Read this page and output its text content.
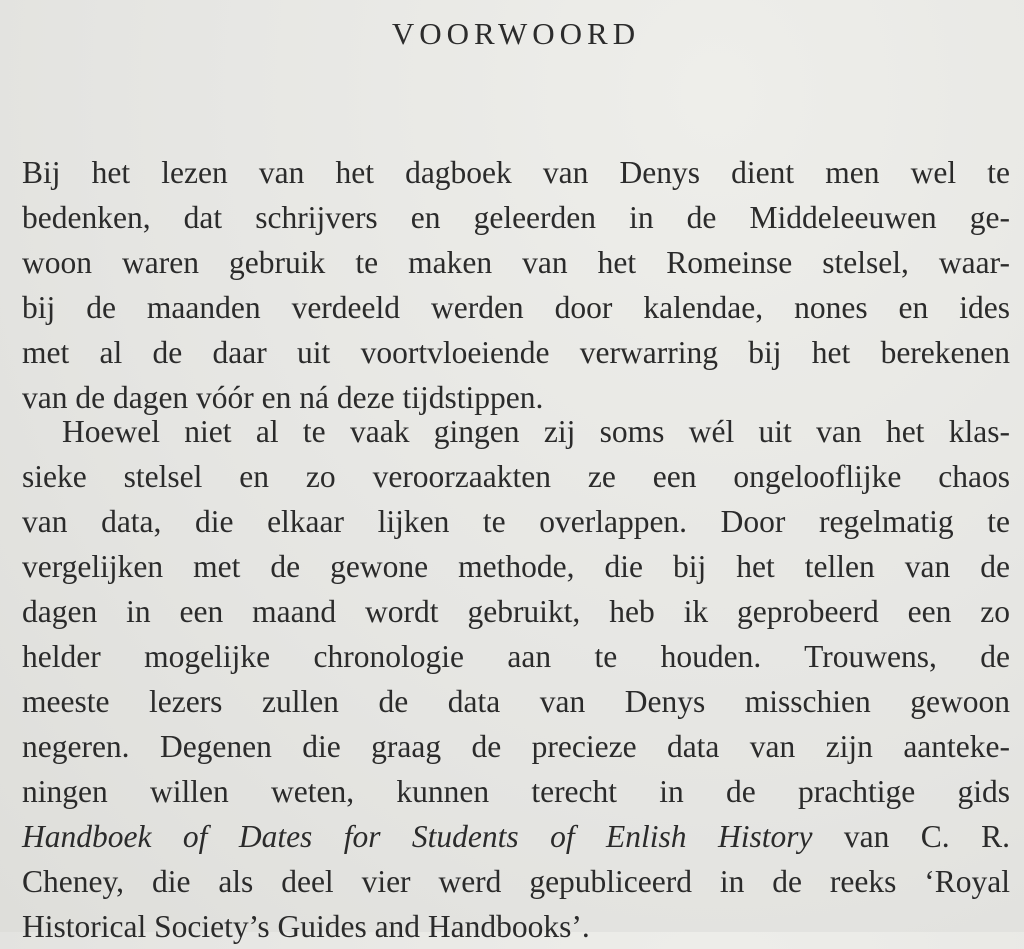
VOORWOORD

Bij het lezen van het dagboek van Denys dient men wel te
bedenken, dat schrijvers en geleerden in de Middeleeuwen ge-
woon waren gebruik te maken van het Romeinse stelsel, waar-
bij de maanden verdeeld werden door kalendae, nones en ides
met al de daar uit voortvloeiende verwarring bij het berekenen
van de dagen vóór en ná deze tijdstippen.

Hoewel niet al te vaak gingen zij soms wél uit van het klas-
sieke stelsel en zo veroorzaakten ze een ongelooflijke chaos
van data, die elkaar lijken te overlappen. Door regelmatig te
vergelijken met de gewone methode, die bij het tellen van de
dagen in een maand wordt gebruikt, heb ik geprobeerd een zo
helder mogelijke chronologie aan te houden. Trouwens, de
meeste lezers zullen de data van Denys misschien gewoon
negeren. Degenen die graag de precieze data van zijn aanteke-
ningen willen weten, kunnen terecht in de prachtige gids
Handboek of Dates for Students of Enlish History van C. R.
Cheney, die als deel vier werd gepubliceerd in de reeks ‘Royal
Historical Society’s Guides and Handbooks’.
